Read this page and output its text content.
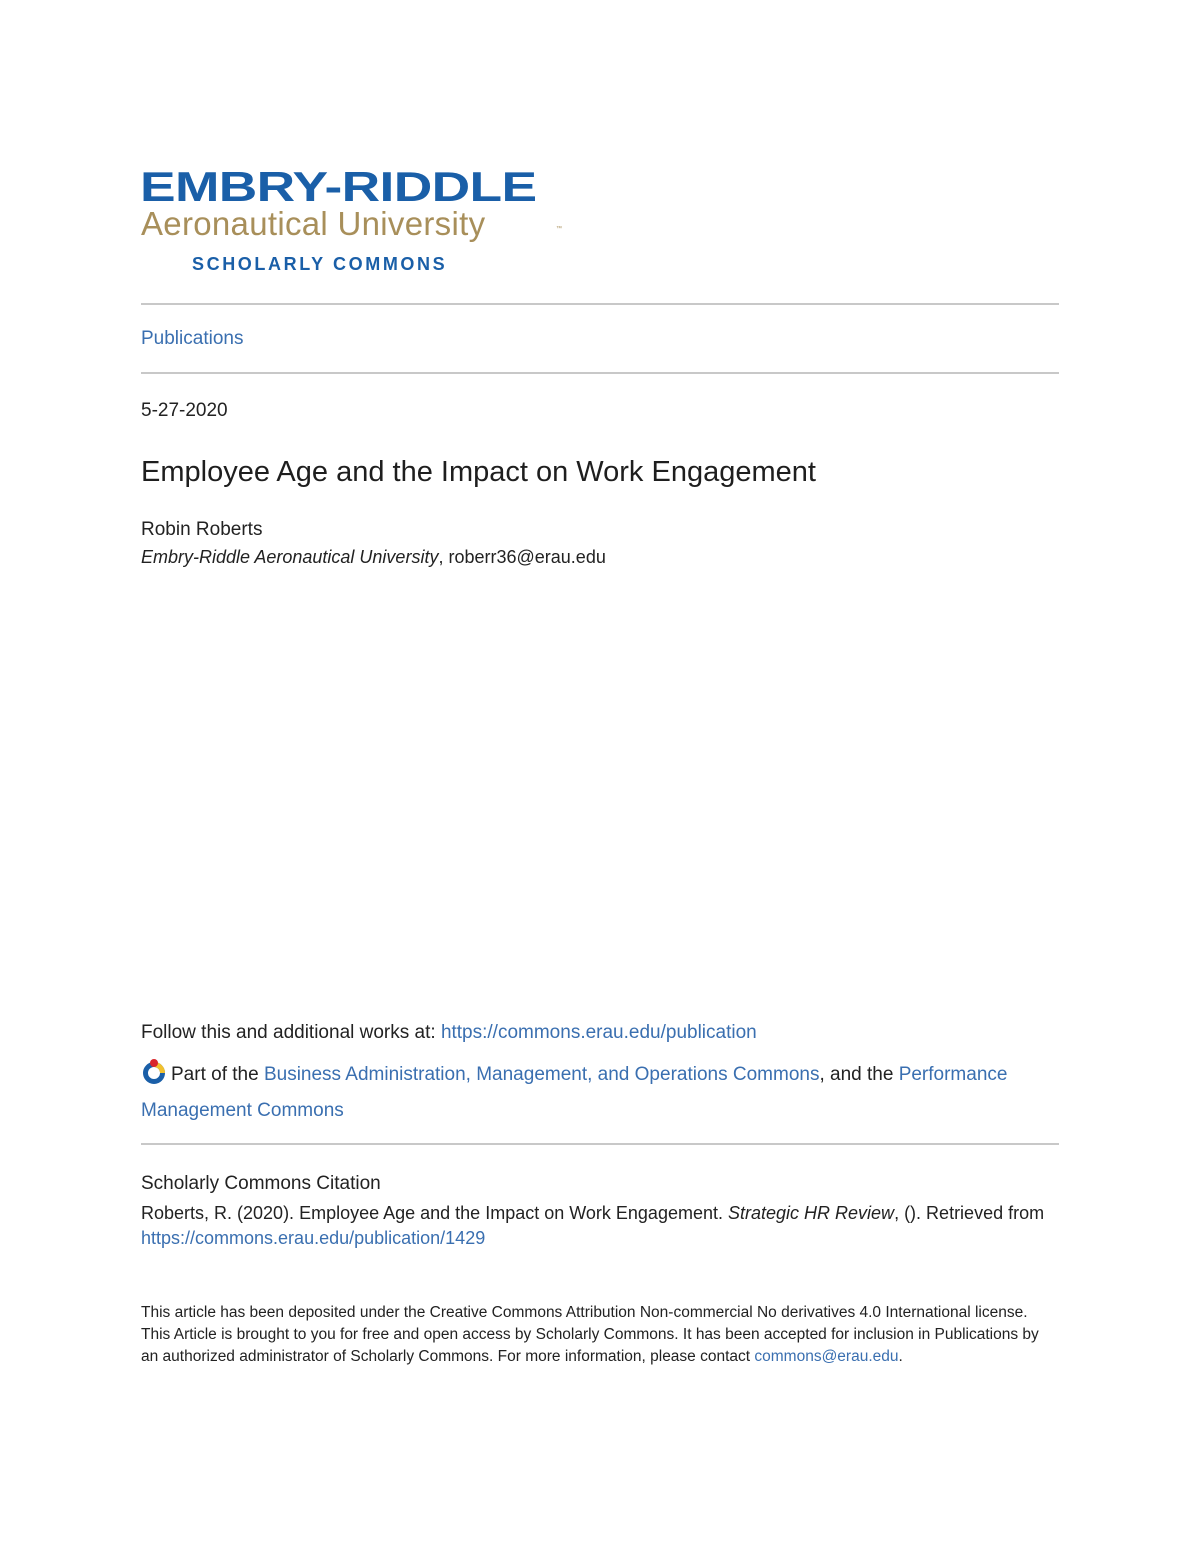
EMBRY-RIDDLE
Aeronautical University	™
SCHOLARLY COMMONS
Publications
5-27-2020
Employee Age and the Impact on Work Engagement
Robin Roberts
Embry-Riddle Aeronautical University, roberr36@erau.edu
Follow this and additional works at: https://commons.erau.edu/publication
Part of the Business Administration, Management, and Operations Commons, and the Performance Management Commons
Scholarly Commons Citation
Roberts, R. (2020). Employee Age and the Impact on Work Engagement. Strategic HR Review, (). Retrieved from https://commons.erau.edu/publication/1429
This article has been deposited under the Creative Commons Attribution Non-commercial No derivatives 4.0 International license.
This Article is brought to you for free and open access by Scholarly Commons. It has been accepted for inclusion in Publications by an authorized administrator of Scholarly Commons. For more information, please contact commons@erau.edu.
